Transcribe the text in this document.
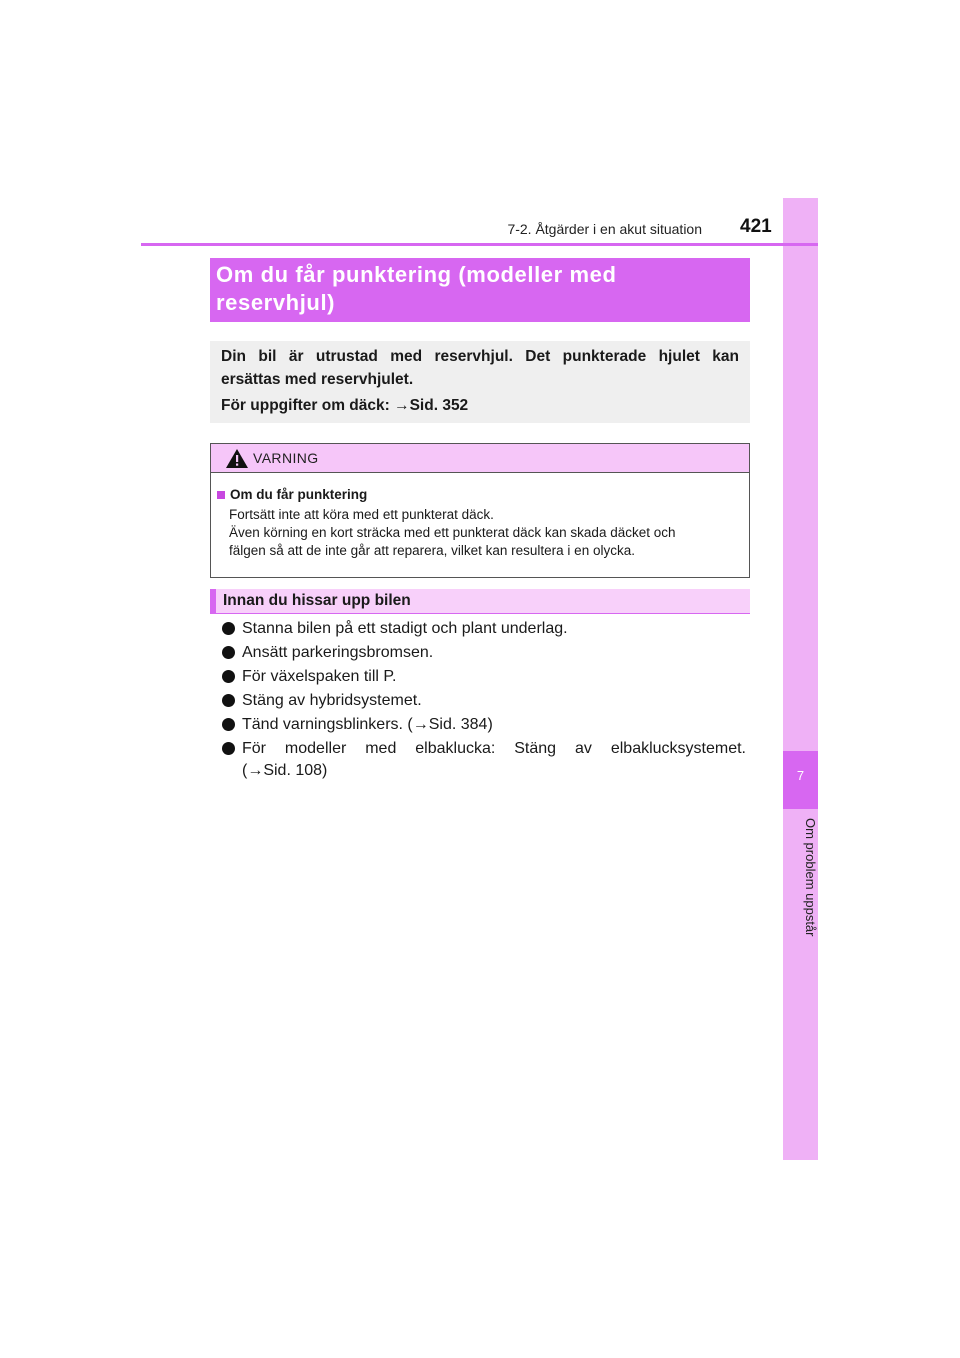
7
Om problem uppstår
7-2. Åtgärder i en akut situation 421
Om du får punktering (modeller med
reservhjul)

Din bil är utrustad med reservhjul. Det punkterade hjulet kan
ersättas med reservhjulet.

För uppgifter om däck: →Sid. 352

VARNING
Om du får punktering
Fortsätt inte att köra med ett punkterat däck.
Även körning en kort sträcka med ett punkterat däck kan skada däcket och
fälgen så att de inte går att reparera, vilket kan resultera i en olycka.
Innan du hissar upp bilen
Stanna bilen på ett stadigt och plant underlag.
Ansätt parkeringsbromsen.
För växelspaken till P.
Stäng av hybridsystemet.
Tänd varningsblinkers. (→Sid. 384)
För modeller med elbaklucka: Stäng av elbaklucksystemet.
(→Sid. 108)
